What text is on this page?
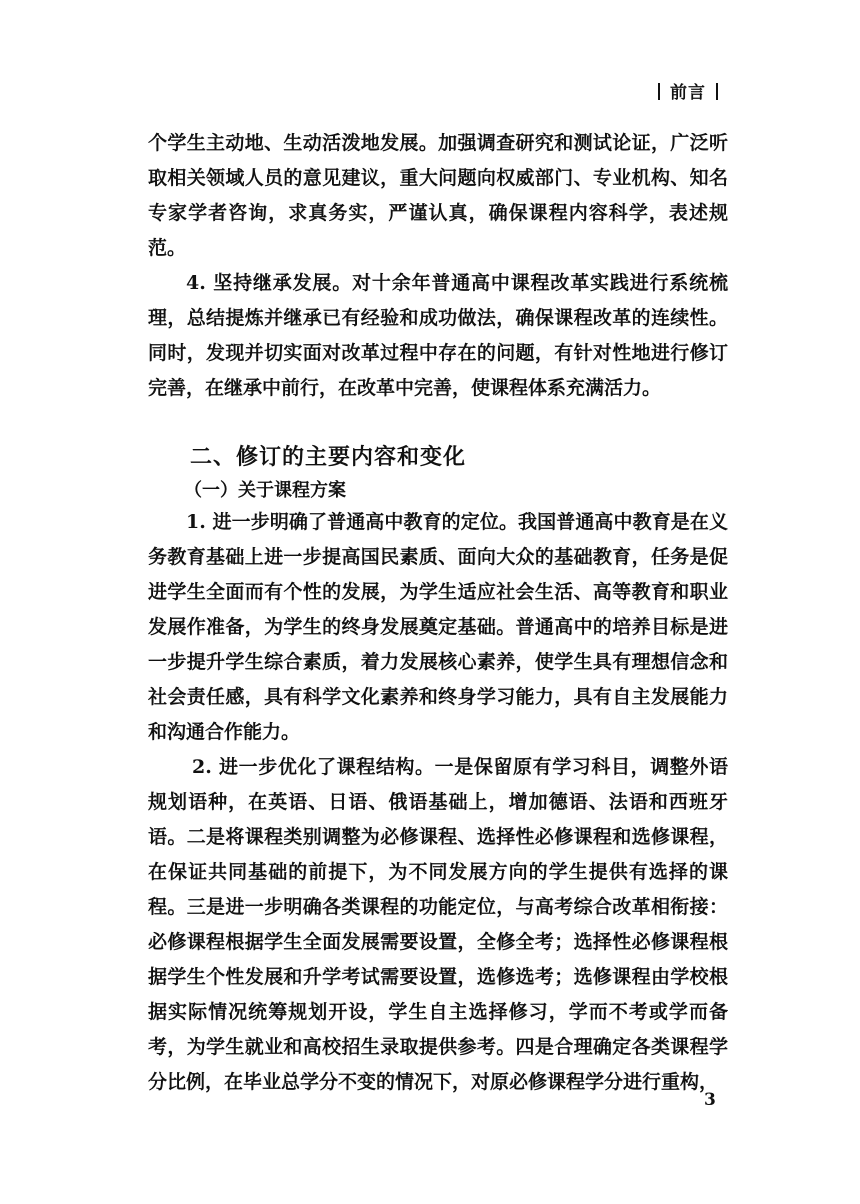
前言

个学生主动地、生动活泼地发展。加强调查研究和测试论证，广泛听取相关领域人员的意见建议，重大问题向权威部门、专业机构、知名专家学者咨询，求真务实，严谨认真，确保课程内容科学，表述规范。

4. 坚持继承发展。对十余年普通高中课程改革实践进行系统梳理，总结提炼并继承已有经验和成功做法，确保课程改革的连续性。同时，发现并切实面对改革过程中存在的问题，有针对性地进行修订完善，在继承中前行，在改革中完善，使课程体系充满活力。

二、修订的主要内容和变化
（一）关于课程方案

1. 进一步明确了普通高中教育的定位。我国普通高中教育是在义务教育基础上进一步提高国民素质、面向大众的基础教育，任务是促进学生全面而有个性的发展，为学生适应社会生活、高等教育和职业发展作准备，为学生的终身发展奠定基础。普通高中的培养目标是进一步提升学生综合素质，着力发展核心素养，使学生具有理想信念和社会责任感，具有科学文化素养和终身学习能力，具有自主发展能力和沟通合作能力。

2. 进一步优化了课程结构。一是保留原有学习科目，调整外语规划语种，在英语、日语、俄语基础上，增加德语、法语和西班牙语。二是将课程类别调整为必修课程、选择性必修课程和选修课程，在保证共同基础的前提下，为不同发展方向的学生提供有选择的课程。三是进一步明确各类课程的功能定位，与高考综合改革相衔接：必修课程根据学生全面发展需要设置，全修全考；选择性必修课程根据学生个性发展和升学考试需要设置，选修选考；选修课程由学校根据实际情况统筹规划开设，学生自主选择修习，学而不考或学而备考，为学生就业和高校招生录取提供参考。四是合理确定各类课程学分比例，在毕业总学分不变的情况下，对原必修课程学分进行重构，

3
